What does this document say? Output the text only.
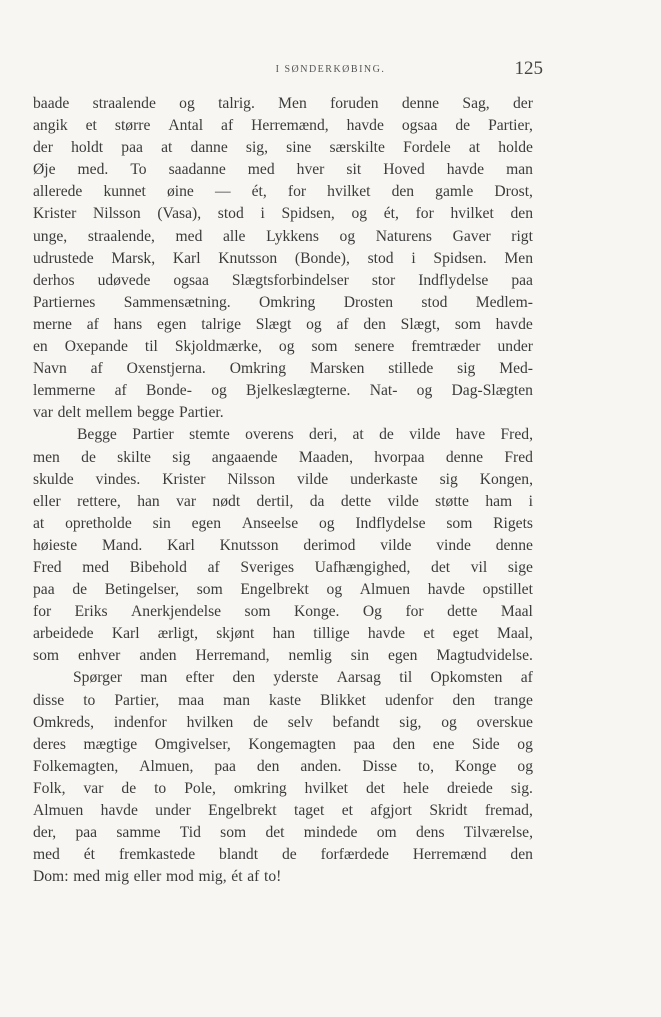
I SØNDERKØBING.	125
baade straalende og talrig. Men foruden denne Sag, der
angik et større Antal af Herremænd, havde ogsaa de Partier,
der holdt paa at danne sig, sine særskilte Fordele at holde
Øje med. To saadanne med hver sit Hoved havde man
allerede kunnet øine — ét, for hvilket den gamle Drost,
Krister Nilsson (Vasa), stod i Spidsen, og ét, for hvilket den
unge, straalende, med alle Lykkens og Naturens Gaver rigt
udrustede Marsk, Karl Knutsson (Bonde), stod i Spidsen. Men
derhos udøvede ogsaa Slægtsforbindelser stor Indflydelse paa
Partiernes Sammensætning. Omkring Drosten stod Medlem-
merne af hans egen talrige Slægt og af den Slægt, som havde
en Oxepande til Skjoldmærke, og som senere fremtræder under
Navn af Oxenstjerna. Omkring Marsken stillede sig Med-
lemmerne af Bonde- og Bjelkeslægterne. Nat- og Dag-Slægten
var delt mellem begge Partier.
Begge Partier stemte overens deri, at de vilde have Fred,
men de skilte sig angaaende Maaden, hvorpaa denne Fred
skulde vindes. Krister Nilsson vilde underkaste sig Kongen,
eller rettere, han var nødt dertil, da dette vilde støtte ham i
at opretholde sin egen Anseelse og Indflydelse som Rigets
høieste Mand. Karl Knutsson derimod vilde vinde denne
Fred med Bibehold af Sveriges Uafhængighed, det vil sige
paa de Betingelser, som Engelbrekt og Almuen havde opstillet
for Eriks Anerkjendelse som Konge. Og for dette Maal
arbeidede Karl ærligt, skjønt han tillige havde et eget Maal,
som enhver anden Herremand, nemlig sin egen Magtudvidelse.
Spørger man efter den yderste Aarsag til Opkomsten af
disse to Partier, maa man kaste Blikket udenfor den trange
Omkreds, indenfor hvilken de selv befandt sig, og overskue
deres mægtige Omgivelser, Kongemagten paa den ene Side og
Folkemagten, Almuen, paa den anden. Disse to, Konge og
Folk, var de to Pole, omkring hvilket det hele dreiede sig.
Almuen havde under Engelbrekt taget et afgjort Skridt fremad,
der, paa samme Tid som det mindede om dens Tilværelse,
med ét fremkastede blandt de forfærdede Herremænd den
Dom: med mig eller mod mig, ét af to!
